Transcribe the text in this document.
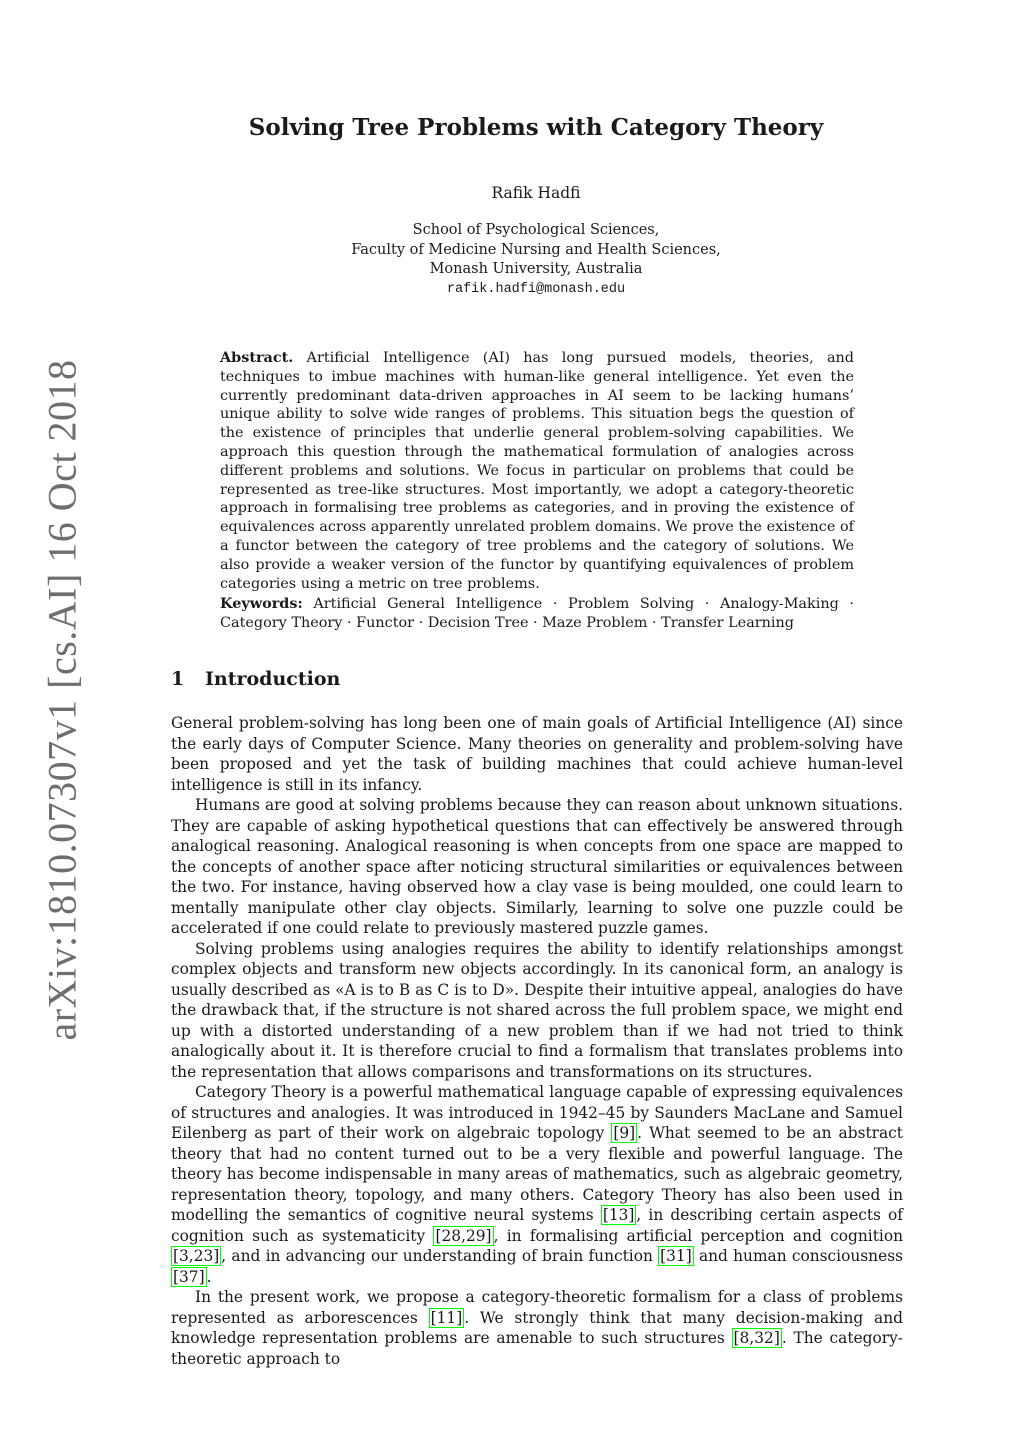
arXiv:1810.07307v1 [cs.AI] 16 Oct 2018
Solving Tree Problems with Category Theory
Rafik Hadfi
School of Psychological Sciences,
Faculty of Medicine Nursing and Health Sciences,
Monash University, Australia
rafik.hadfi@monash.edu
Abstract. Artificial Intelligence (AI) has long pursued models, theories, and techniques to imbue machines with human-like general intelligence. Yet even the currently predominant data-driven approaches in AI seem to be lacking humans’ unique ability to solve wide ranges of problems. This situation begs the question of the existence of principles that underlie general problem-solving capabilities. We approach this question through the mathematical formulation of analogies across different problems and solutions. We focus in particular on problems that could be represented as tree-like structures. Most importantly, we adopt a category-theoretic approach in formalising tree problems as categories, and in proving the existence of equivalences across apparently unrelated problem domains. We prove the existence of a functor between the category of tree problems and the category of solutions. We also provide a weaker version of the functor by quantifying equivalences of problem categories using a metric on tree problems.
Keywords: Artificial General Intelligence · Problem Solving · Analogy-Making · Category Theory · Functor · Decision Tree · Maze Problem · Transfer Learning
1 Introduction

General problem-solving has long been one of main goals of Artificial Intelligence (AI) since the early days of Computer Science. Many theories on generality and problem-solving have been proposed and yet the task of building machines that could achieve human-level intelligence is still in its infancy.

Humans are good at solving problems because they can reason about unknown situations. They are capable of asking hypothetical questions that can effectively be answered through analogical reasoning. Analogical reasoning is when concepts from one space are mapped to the concepts of another space after noticing structural similarities or equivalences between the two. For instance, having observed how a clay vase is being moulded, one could learn to mentally manipulate other clay objects. Similarly, learning to solve one puzzle could be accelerated if one could relate to previously mastered puzzle games.

Solving problems using analogies requires the ability to identify relationships amongst complex objects and transform new objects accordingly. In its canonical form, an analogy is usually described as «A is to B as C is to D». Despite their intuitive appeal, analogies do have the drawback that, if the structure is not shared across the full problem space, we might end up with a distorted understanding of a new problem than if we had not tried to think analogically about it. It is therefore crucial to find a formalism that translates problems into the representation that allows comparisons and transformations on its structures.

Category Theory is a powerful mathematical language capable of expressing equivalences of structures and analogies. It was introduced in 1942–45 by Saunders MacLane and Samuel Eilenberg as part of their work on algebraic topology [9] . What seemed to be an abstract theory that had no content turned out to be a very flexible and powerful language. The theory has become indispensable in many areas of mathematics, such as algebraic geometry, representation theory, topology, and many others. Category Theory has also been used in modelling the semantics of cognitive neural systems [13] , in describing certain aspects of cognition such as systematicity [28,29] , in formalising artificial perception and cognition [3,23] , and in advancing our understanding of brain function [31] and human consciousness [37] .

In the present work, we propose a category-theoretic formalism for a class of problems represented as arborescences [11] . We strongly think that many decision-making and knowledge representation problems are amenable to such structures [8,32] . The category-theoretic approach to
